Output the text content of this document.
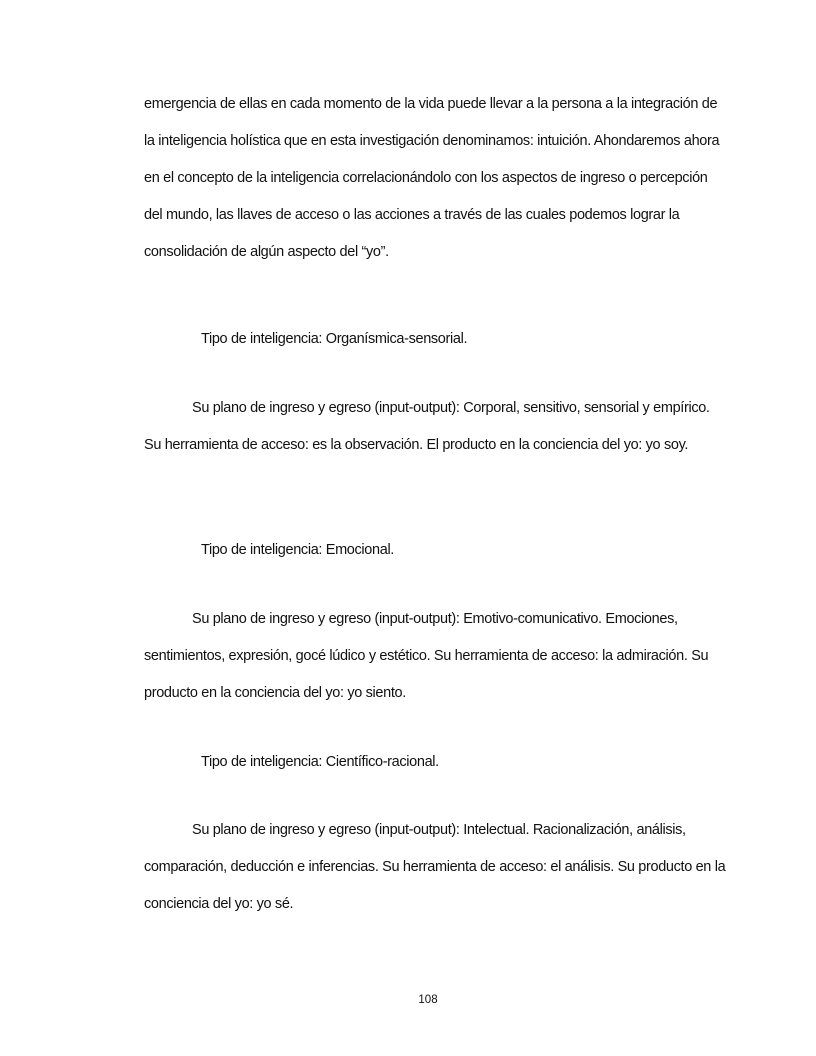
emergencia de ellas en cada momento de la vida puede llevar a la persona a la integración de la inteligencia holística que en esta investigación denominamos: intuición. Ahondaremos ahora en el concepto de la inteligencia correlacionándolo con los aspectos de ingreso o percepción del mundo, las llaves de acceso o las acciones a través de las cuales podemos lograr la consolidación de algún aspecto del “yo”.

Tipo de inteligencia: Organísmica-sensorial.

Su plano de ingreso y egreso (input-output): Corporal, sensitivo, sensorial y empírico. Su herramienta de acceso: es la observación. El producto en la conciencia del yo: yo soy.

Tipo de inteligencia: Emocional.

Su plano de ingreso y egreso (input-output): Emotivo-comunicativo. Emociones, sentimientos, expresión, gocé lúdico y estético. Su herramienta de acceso: la admiración. Su producto en la conciencia del yo: yo siento.

Tipo de inteligencia: Científico-racional.

Su plano de ingreso y egreso (input-output): Intelectual. Racionalización, análisis, comparación, deducción e inferencias. Su herramienta de acceso: el análisis. Su producto en la conciencia del yo: yo sé.

108
